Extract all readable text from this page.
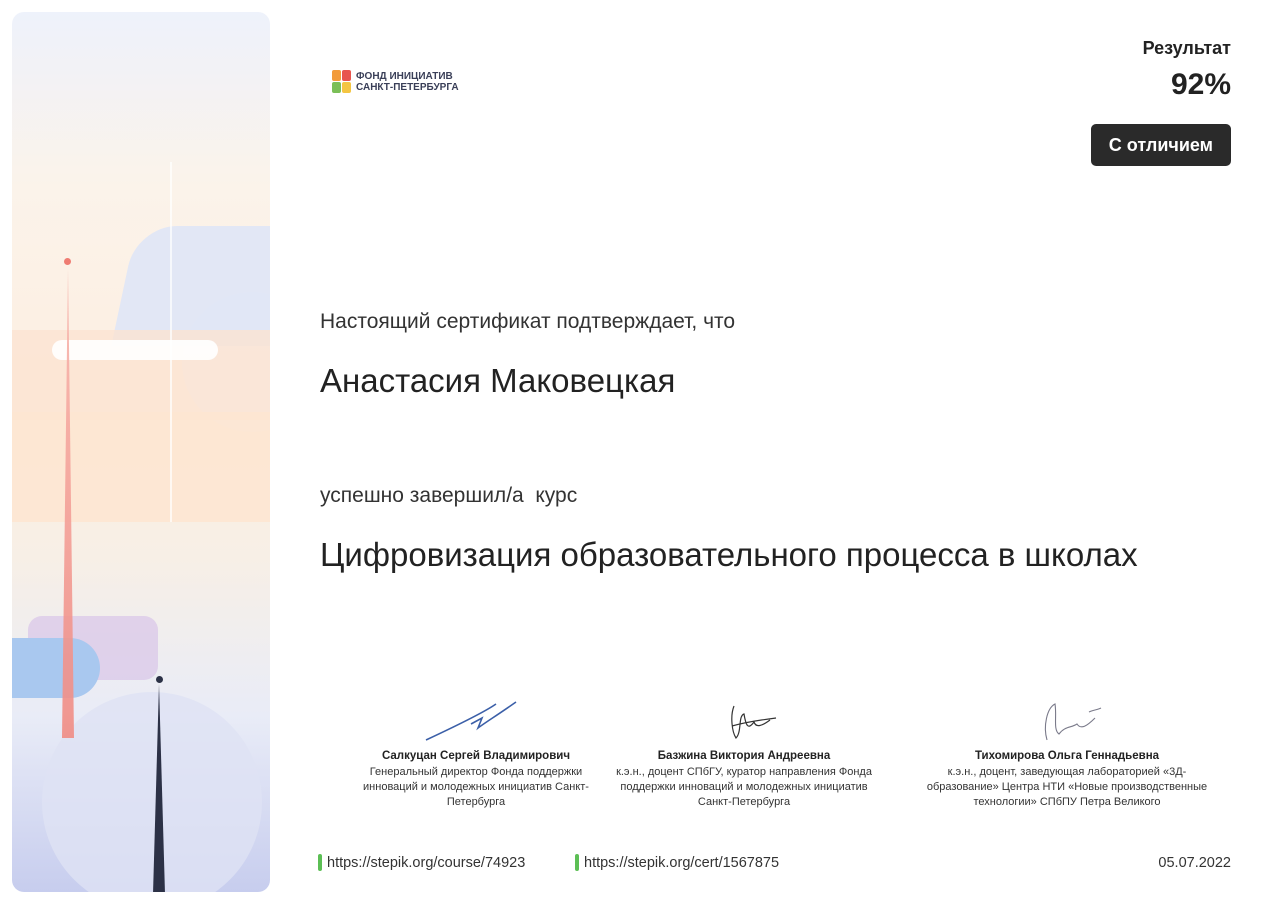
ФОНД ИНИЦИАТИВ
САНКТ-ПЕТЕРБУРГА
Результат
92%
С отличием
Настоящий сертификат подтверждает, что
Анастасия Маковецкая
успешно завершил/а  курс
Цифровизация образовательного процесса в школах
Салкуцан Сергей Владимирович
Генеральный директор Фонда поддержки инноваций и молодежных инициатив Санкт-Петербурга
Базжина Виктория Андреевна
к.э.н., доцент СПбГУ, куратор направления Фонда поддержки инноваций и молодежных инициатив Санкт-Петербурга
Тихомирова Ольга Геннадьевна
к.э.н., доцент, заведующая лабораторией «3Д-образование» Центра НТИ «Новые производственные технологии» СПбПУ Петра Великого
https://stepik.org/course/74923	https://stepik.org/cert/1567875	05.07.2022
